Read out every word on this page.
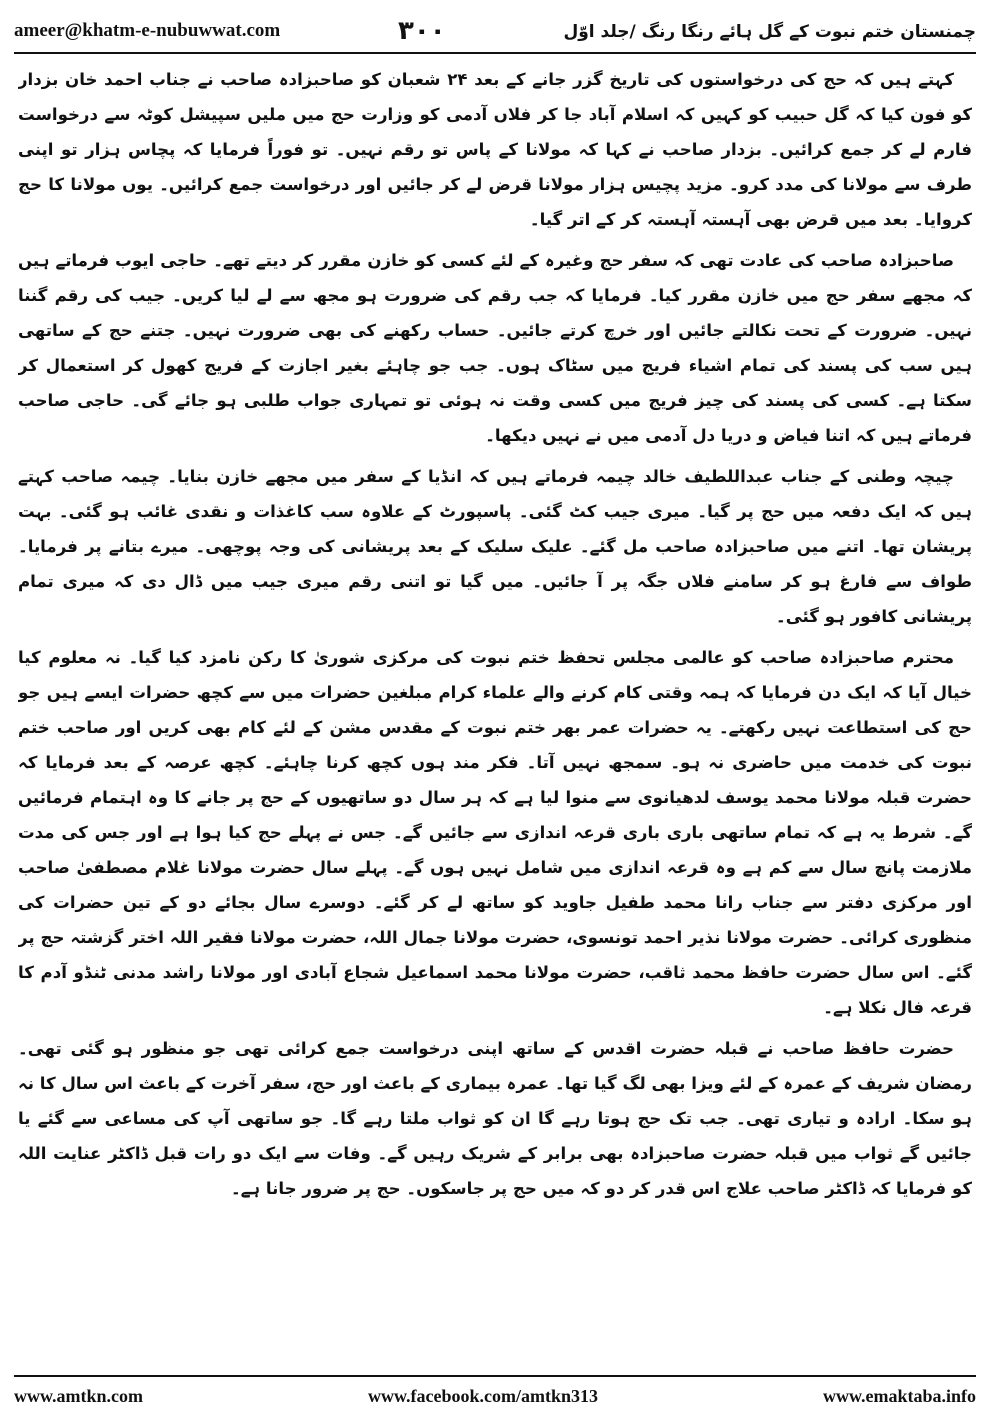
ameer@khatm-e-nubuwwat.com	۳۰۰	چمنستان ختم نبوت کے گل ہائے رنگا رنگ /جلد اوّل

کہتے ہیں کہ حج کی درخواستوں کی تاریخ گزر جانے کے بعد ۲۴ شعبان کو صاحبزادہ صاحب نے جناب احمد خان بزدار کو فون کیا کہ گل حبیب کو کہیں کہ اسلام آباد جا کر فلاں آدمی کو وزارت حج میں ملیں سپیشل کوٹہ سے درخواست فارم لے کر جمع کرائیں۔ بزدار صاحب نے کہا کہ مولانا کے پاس تو رقم نہیں۔ تو فوراً فرمایا کہ پچاس ہزار تو اپنی طرف سے مولانا کی مدد کرو۔ مزید پچیس ہزار مولانا قرض لے کر جائیں اور درخواست جمع کرائیں۔ یوں مولانا کا حج کروایا۔ بعد میں قرض بھی آہستہ آہستہ کر کے اتر گیا۔

صاحبزادہ صاحب کی عادت تھی کہ سفر حج وغیرہ کے لئے کسی کو خازن مقرر کر دیتے تھے۔ حاجی ایوب فرماتے ہیں کہ مجھے سفر حج میں خازن مقرر کیا۔ فرمایا کہ جب رقم کی ضرورت ہو مجھ سے لے لیا کریں۔ جیب کی رقم گننا نہیں۔ ضرورت کے تحت نکالتے جائیں اور خرچ کرتے جائیں۔ حساب رکھنے کی بھی ضرورت نہیں۔ جتنے حج کے ساتھی ہیں سب کی پسند کی تمام اشیاء فریج میں سٹاک ہوں۔ جب جو چاہئے بغیر اجازت کے فریج کھول کر استعمال کر سکتا ہے۔ کسی کی پسند کی چیز فریج میں کسی وقت نہ ہوئی تو تمہاری جواب طلبی ہو جائے گی۔ حاجی صاحب فرماتے ہیں کہ اتنا فیاض و دریا دل آدمی میں نے نہیں دیکھا۔

چیچہ وطنی کے جناب عبداللطیف خالد چیمہ فرماتے ہیں کہ انڈیا کے سفر میں مجھے خازن بنایا۔ چیمہ صاحب کہتے ہیں کہ ایک دفعہ میں حج پر گیا۔ میری جیب کٹ گئی۔ پاسپورٹ کے علاوہ سب کاغذات و نقدی غائب ہو گئی۔ بہت پریشان تھا۔ اتنے میں صاحبزادہ صاحب مل گئے۔ علیک سلیک کے بعد پریشانی کی وجہ پوچھی۔ میرے بتانے پر فرمایا۔ طواف سے فارغ ہو کر سامنے فلاں جگہ پر آ جائیں۔ میں گیا تو اتنی رقم میری جیب میں ڈال دی کہ میری تمام پریشانی کافور ہو گئی۔

محترم صاحبزادہ صاحب کو عالمی مجلس تحفظ ختم نبوت کی مرکزی شوریٰ کا رکن نامزد کیا گیا۔ نہ معلوم کیا خیال آیا کہ ایک دن فرمایا کہ ہمہ وقتی کام کرنے والے علماء کرام مبلغین حضرات میں سے کچھ حضرات ایسے ہیں جو حج کی استطاعت نہیں رکھتے۔ یہ حضرات عمر بھر ختم نبوت کے مقدس مشن کے لئے کام بھی کریں اور صاحب ختم نبوت کی خدمت میں حاضری نہ ہو۔ سمجھ نہیں آتا۔ فکر مند ہوں کچھ کرنا چاہئے۔ کچھ عرصہ کے بعد فرمایا کہ حضرت قبلہ مولانا محمد یوسف لدھیانوی سے منوا لیا ہے کہ ہر سال دو ساتھیوں کے حج پر جانے کا وہ اہتمام فرمائیں گے۔ شرط یہ ہے کہ تمام ساتھی باری باری قرعہ اندازی سے جائیں گے۔ جس نے پہلے حج کیا ہوا ہے اور جس کی مدت ملازمت پانچ سال سے کم ہے وہ قرعہ اندازی میں شامل نہیں ہوں گے۔ پہلے سال حضرت مولانا غلام مصطفیٰ صاحب اور مرکزی دفتر سے جناب رانا محمد طفیل جاوید کو ساتھ لے کر گئے۔ دوسرے سال بجائے دو کے تین حضرات کی منظوری کرائی۔ حضرت مولانا نذیر احمد تونسوی، حضرت مولانا جمال اللہ، حضرت مولانا فقیر اللہ اختر گزشتہ حج پر گئے۔ اس سال حضرت حافظ محمد ثاقب، حضرت مولانا محمد اسماعیل شجاع آبادی اور مولانا راشد مدنی ٹنڈو آدم کا قرعہ فال نکلا ہے۔

حضرت حافظ صاحب نے قبلہ حضرت اقدس کے ساتھ اپنی درخواست جمع کرائی تھی جو منظور ہو گئی تھی۔ رمضان شریف کے عمرہ کے لئے ویزا بھی لگ گیا تھا۔ عمرہ بیماری کے باعث اور حج، سفر آخرت کے باعث اس سال کا نہ ہو سکا۔ ارادہ و تیاری تھی۔ جب تک حج ہوتا رہے گا ان کو ثواب ملتا رہے گا۔ جو ساتھی آپ کی مساعی سے گئے یا جائیں گے ثواب میں قبلہ حضرت صاحبزادہ بھی برابر کے شریک رہیں گے۔ وفات سے ایک دو رات قبل ڈاکٹر عنایت اللہ کو فرمایا کہ ڈاکٹر صاحب علاج اس قدر کر دو کہ میں حج پر جاسکوں۔ حج پر ضرور جانا ہے۔

www.amtkn.com	www.facebook.com/amtkn313	www.emaktaba.info
